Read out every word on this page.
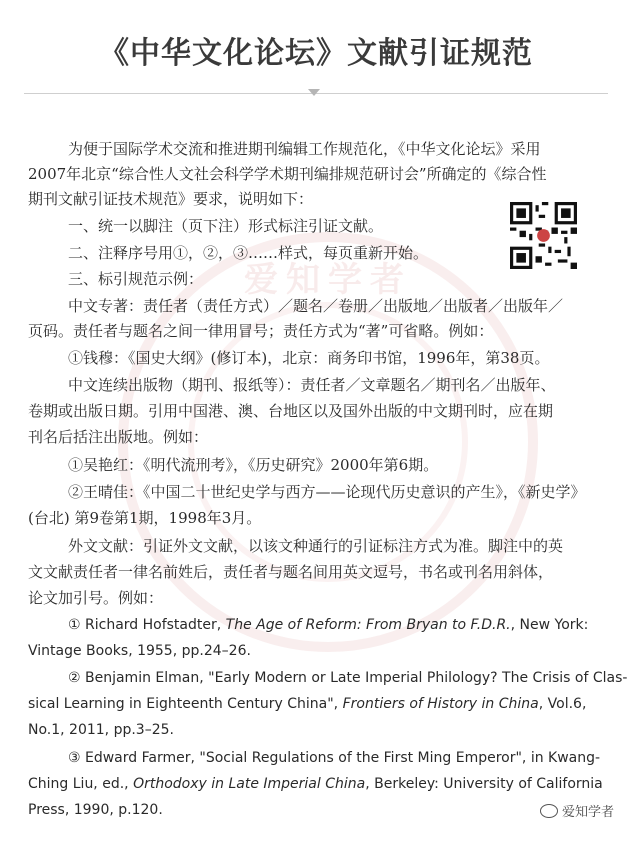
《中华文化论坛》文献引证规范
爱知学者
为便于国际学术交流和推进期刊编辑工作规范化，《中华文化论坛》采用
2007年北京“综合性人文社会科学学术期刊编排规范研讨会”所确定的《综合性
期刊文献引证技术规范》要求，说明如下：
一、统一以脚注（页下注）形式标注引证文献。
二、注释序号用①，②，③……样式，每页重新开始。
三、标引规范示例：
中文专著：责任者（责任方式）／题名／卷册／出版地／出版者／出版年／
页码。责任者与题名之间一律用冒号；责任方式为“著”可省略。例如：
①钱穆：《国史大纲》(修订本)，北京：商务印书馆，1996年，第38页。
中文连续出版物（期刊、报纸等）：责任者／文章题名／期刊名／出版年、
卷期或出版日期。引用中国港、澳、台地区以及国外出版的中文期刊时，应在期
刊名后括注出版地。例如：
①吴艳红：《明代流刑考》，《历史研究》2000年第6期。
②王晴佳：《中国二十世纪史学与西方——论现代历史意识的产生》，《新史学》
(台北) 第9卷第1期，1998年3月。
外文文献：引证外文文献，以该文种通行的引证标注方式为准。脚注中的英
文文献责任者一律名前姓后，责任者与题名间用英文逗号，书名或刊名用斜体，
论文加引号。例如：
① Richard Hofstadter, The Age of Reform: From Bryan to F.D.R., New York:
Vintage Books, 1955, pp.24–26.
② Benjamin Elman, "Early Modern or Late Imperial Philology? The Crisis of Clas-
sical Learning in Eighteenth Century China", Frontiers of History in China, Vol.6,
No.1, 2011, pp.3–25.
③ Edward Farmer, "Social Regulations of the First Ming Emperor", in Kwang-
Ching Liu, ed., Orthodoxy in Late Imperial China, Berkeley: University of California
Press, 1990, p.120.	爱知学者
